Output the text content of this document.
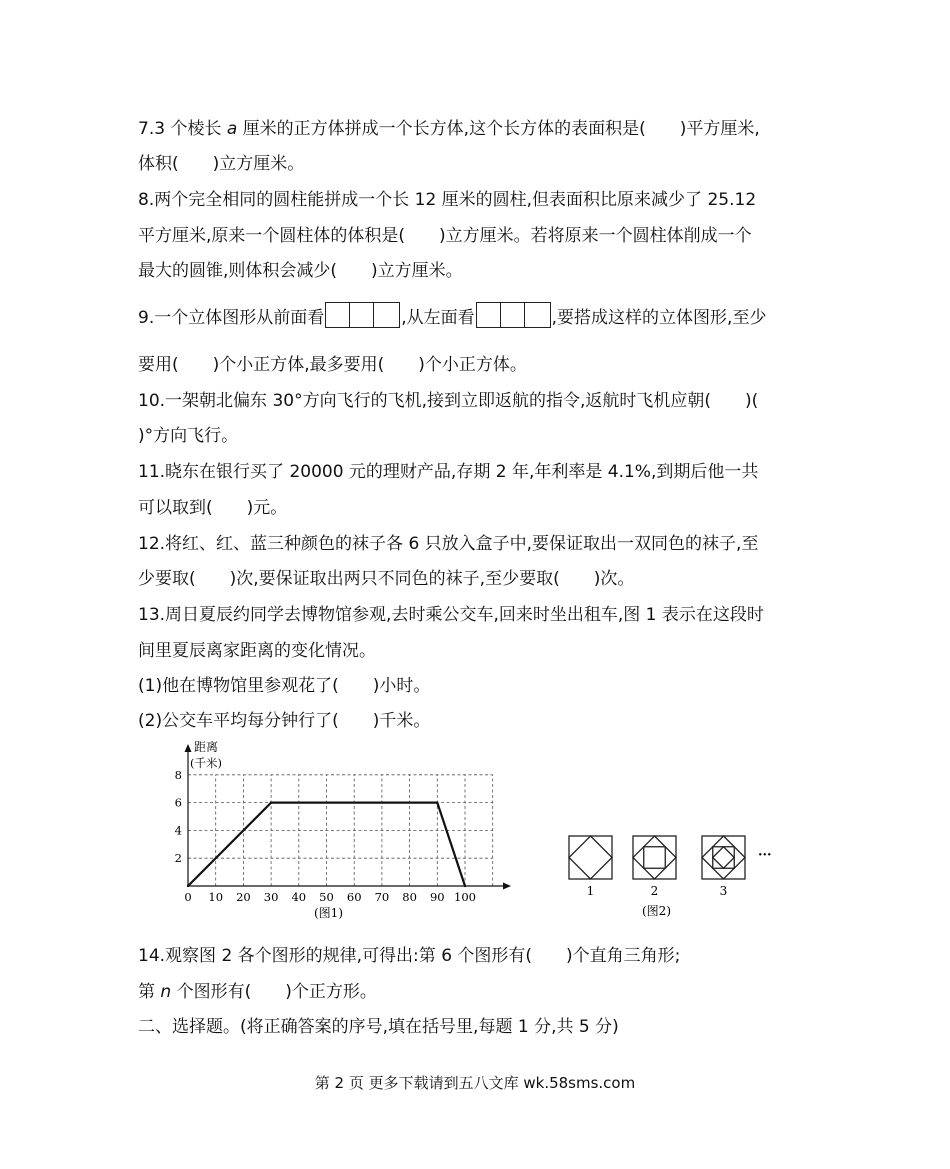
7.3 个棱长 a 厘米的正方体拼成一个长方体,这个长方体的表面积是(　　)平方厘米,
体积(　　)立方厘米。
8.两个完全相同的圆柱能拼成一个长 12 厘米的圆柱,但表面积比原来减少了 25.12
平方厘米,原来一个圆柱体的体积是(　　)立方厘米。若将原来一个圆柱体削成一个
最大的圆锥,则体积会减少(　　)立方厘米。
9.一个立体图形从前面看	,从左面看	,要搭成这样的立体图形,至少
要用(　　)个小正方体,最多要用(　　)个小正方体。
10.一架朝北偏东 30°方向飞行的飞机,接到立即返航的指令,返航时飞机应朝(　　)(
)°方向飞行。
11.晓东在银行买了 20000 元的理财产品,存期 2 年,年利率是 4.1%,到期后他一共
可以取到(　　)元。
12.将红、红、蓝三种颜色的袜子各 6 只放入盒子中,要保证取出一双同色的袜子,至
少要取(　　)次,要保证取出两只不同色的袜子,至少要取(　　)次。
13.周日夏辰约同学去博物馆参观,去时乘公交车,回来时坐出租车,图 1 表示在这段时
间里夏辰离家距离的变化情况。
(1)他在博物馆里参观花了(　　)小时。
(2)公交车平均每分钟行了(　　)千米。
0 10 20 30 40 50 60 70 80 90 100
2
4
6
8
距离
(千米)
(图1)
1	2	3
···
(图2)
14.观察图 2 各个图形的规律,可得出:第 6 个图形有(　　)个直角三角形;
第 n 个图形有(　　)个正方形。
二、选择题。(将正确答案的序号,填在括号里,每题 1 分,共 5 分)
第 2 页 更多下载请到五八文库 wk.58sms.com
